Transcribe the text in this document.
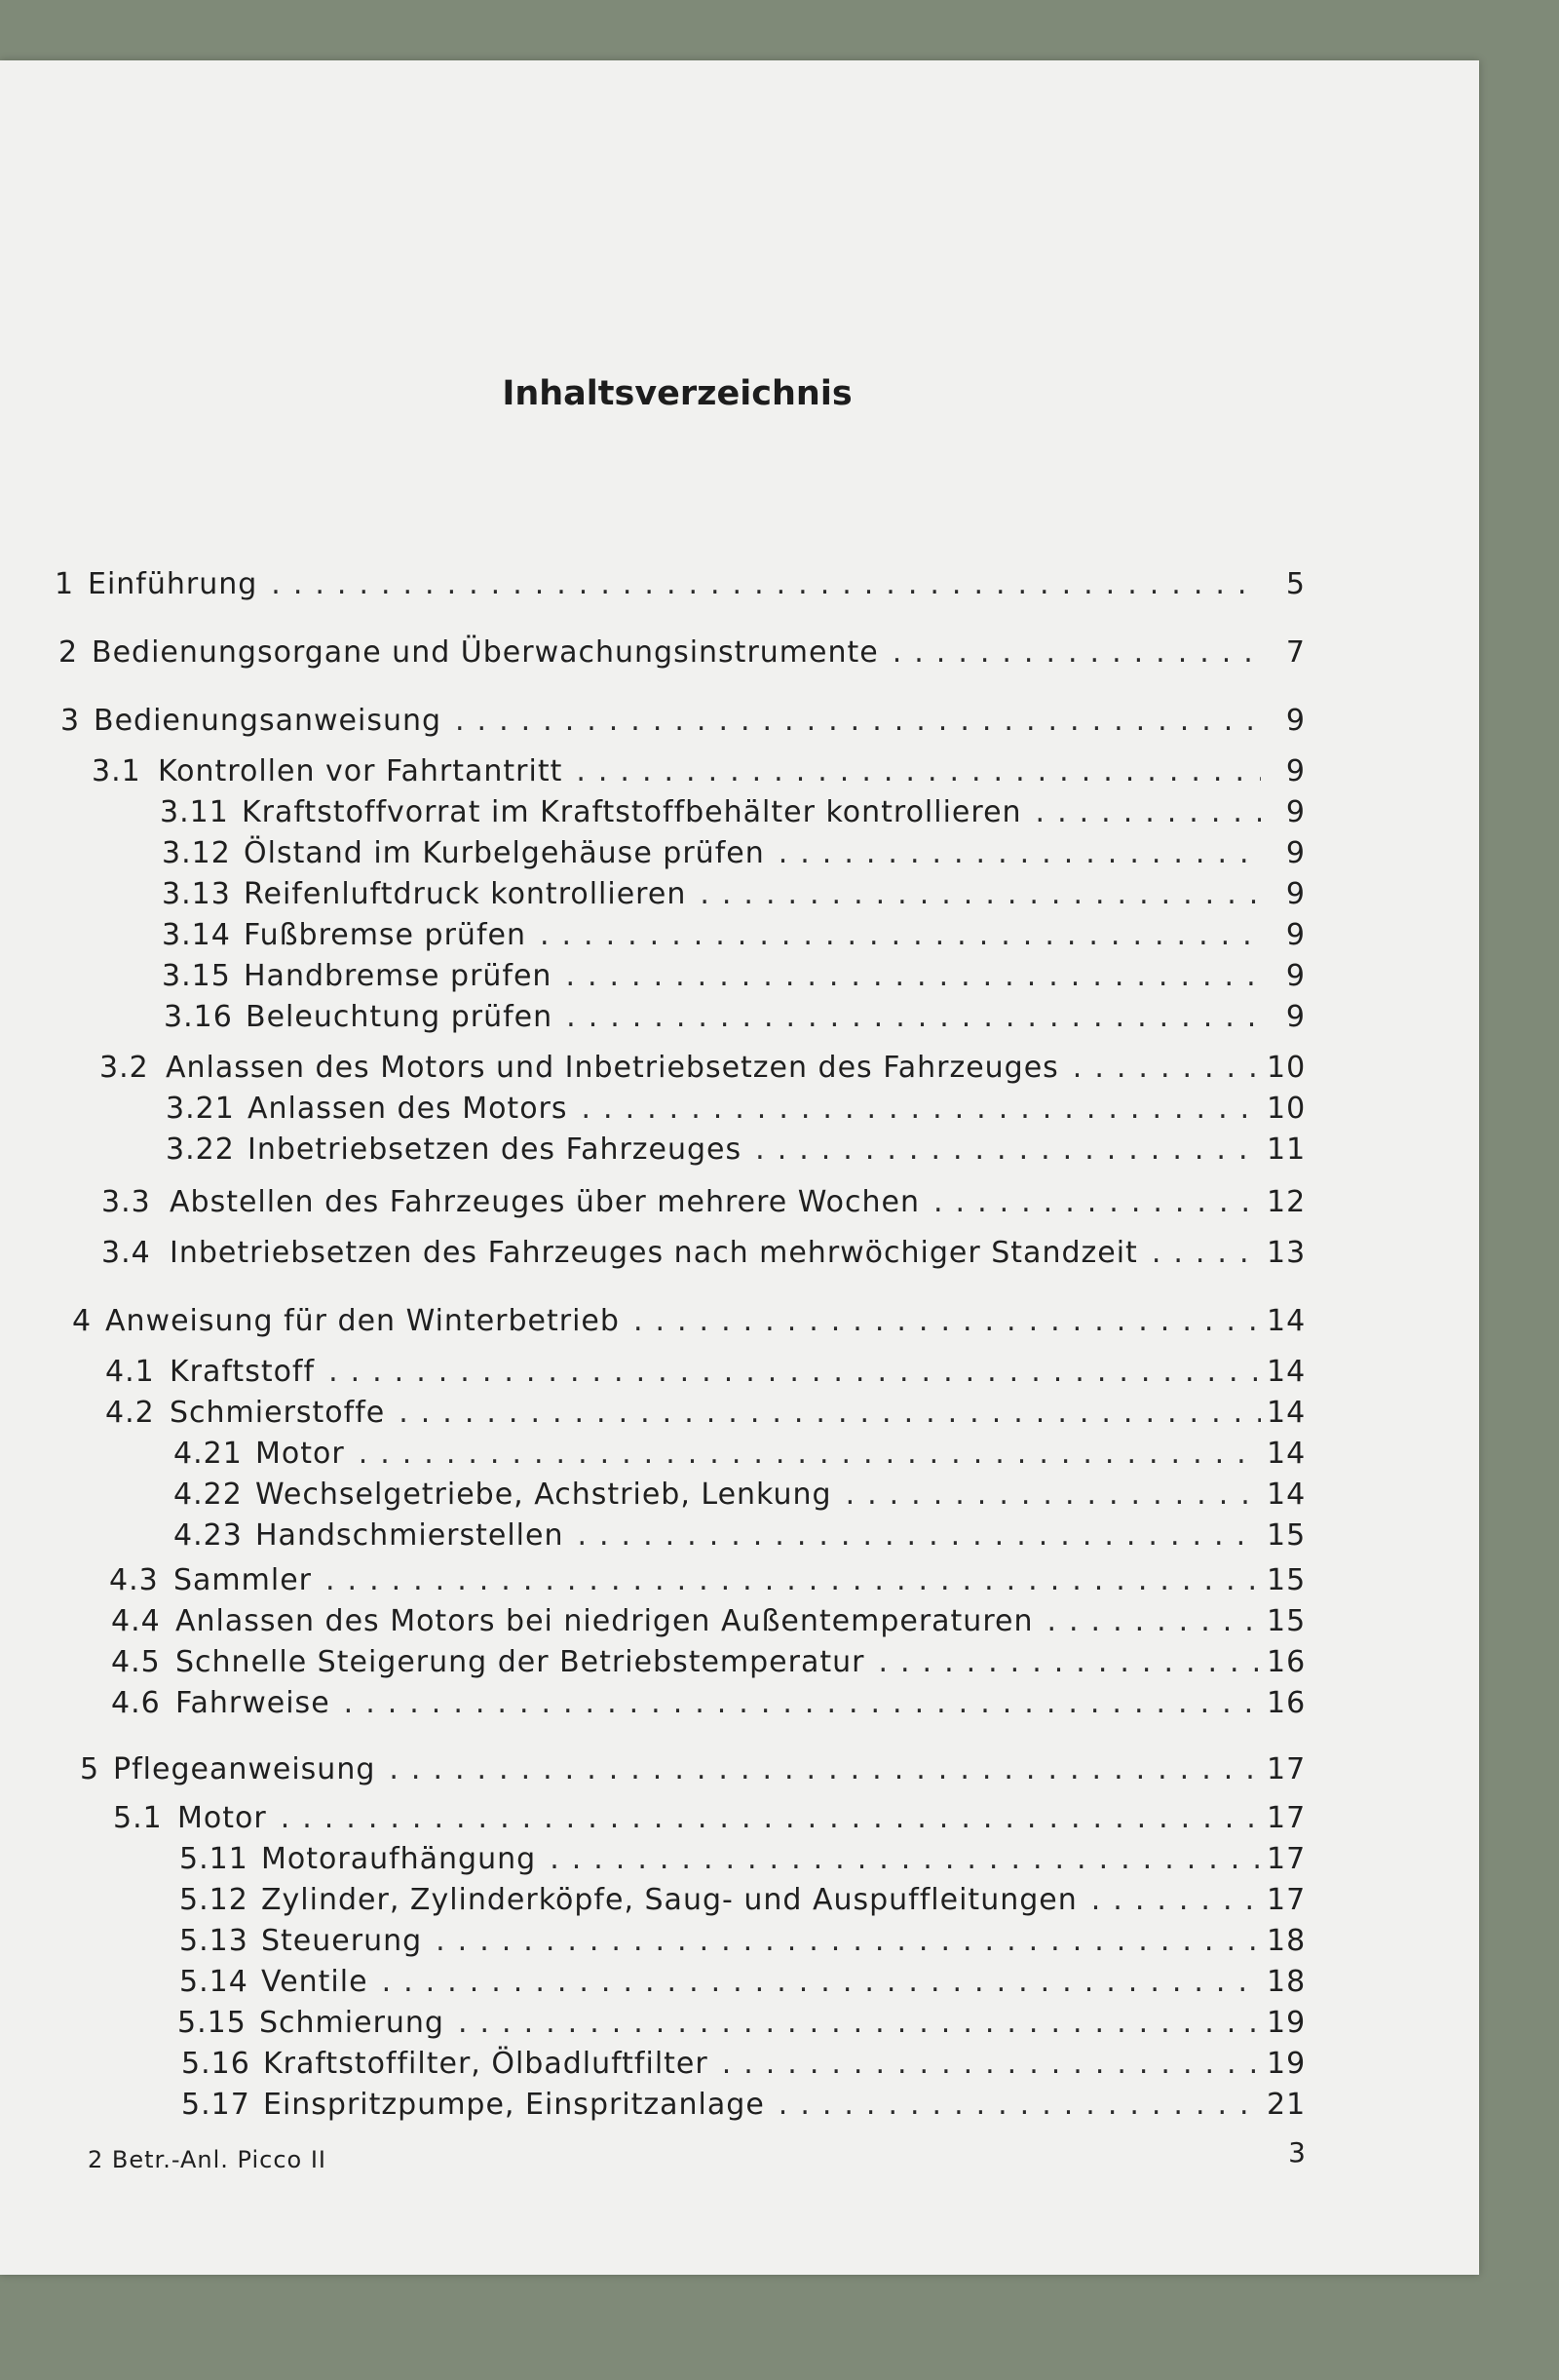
Inhaltsverzeichnis
1 Einführung .....	5
2 Bedienungsorgane und Überwachungsinstrumente .....	7
3 Bedienungsanweisung .....	9
3.1 Kontrollen vor Fahrtantritt .....	9
3.11 Kraftstoffvorrat im Kraftstoffbehälter kontrollieren .....	9
3.12 Ölstand im Kurbelgehäuse prüfen .....	9
3.13 Reifenluftdruck kontrollieren .....	9
3.14 Fußbremse prüfen .....	9
3.15 Handbremse prüfen .....	9
3.16 Beleuchtung prüfen .....	9
3.2 Anlassen des Motors und Inbetriebsetzen des Fahrzeuges .....	10
3.21 Anlassen des Motors .....	10
3.22 Inbetriebsetzen des Fahrzeuges .....	11
3.3 Abstellen des Fahrzeuges über mehrere Wochen .....	12
3.4 Inbetriebsetzen des Fahrzeuges nach mehrwöchiger Standzeit .....	13
4 Anweisung für den Winterbetrieb .....	14
4.1 Kraftstoff .....	14
4.2 Schmierstoffe .....	14
4.21 Motor .....	14
4.22 Wechselgetriebe, Achstrieb, Lenkung .....	14
4.23 Handschmierstellen .....	15
4.3 Sammler .....	15
4.4 Anlassen des Motors bei niedrigen Außentemperaturen .....	15
4.5 Schnelle Steigerung der Betriebstemperatur .....	16
4.6 Fahrweise .....	16
5 Pflegeanweisung .....	17
5.1 Motor .....	17
5.11 Motoraufhängung .....	17
5.12 Zylinder, Zylinderköpfe, Saug- und Auspuffleitungen .....	17
5.13 Steuerung .....	18
5.14 Ventile .....	18
5.15 Schmierung .....	19
5.16 Kraftstoffilter, Ölbadluftfilter .....	19
5.17 Einspritzpumpe, Einspritzanlage .....	21
2 Betr.-Anl. Picco II	3
